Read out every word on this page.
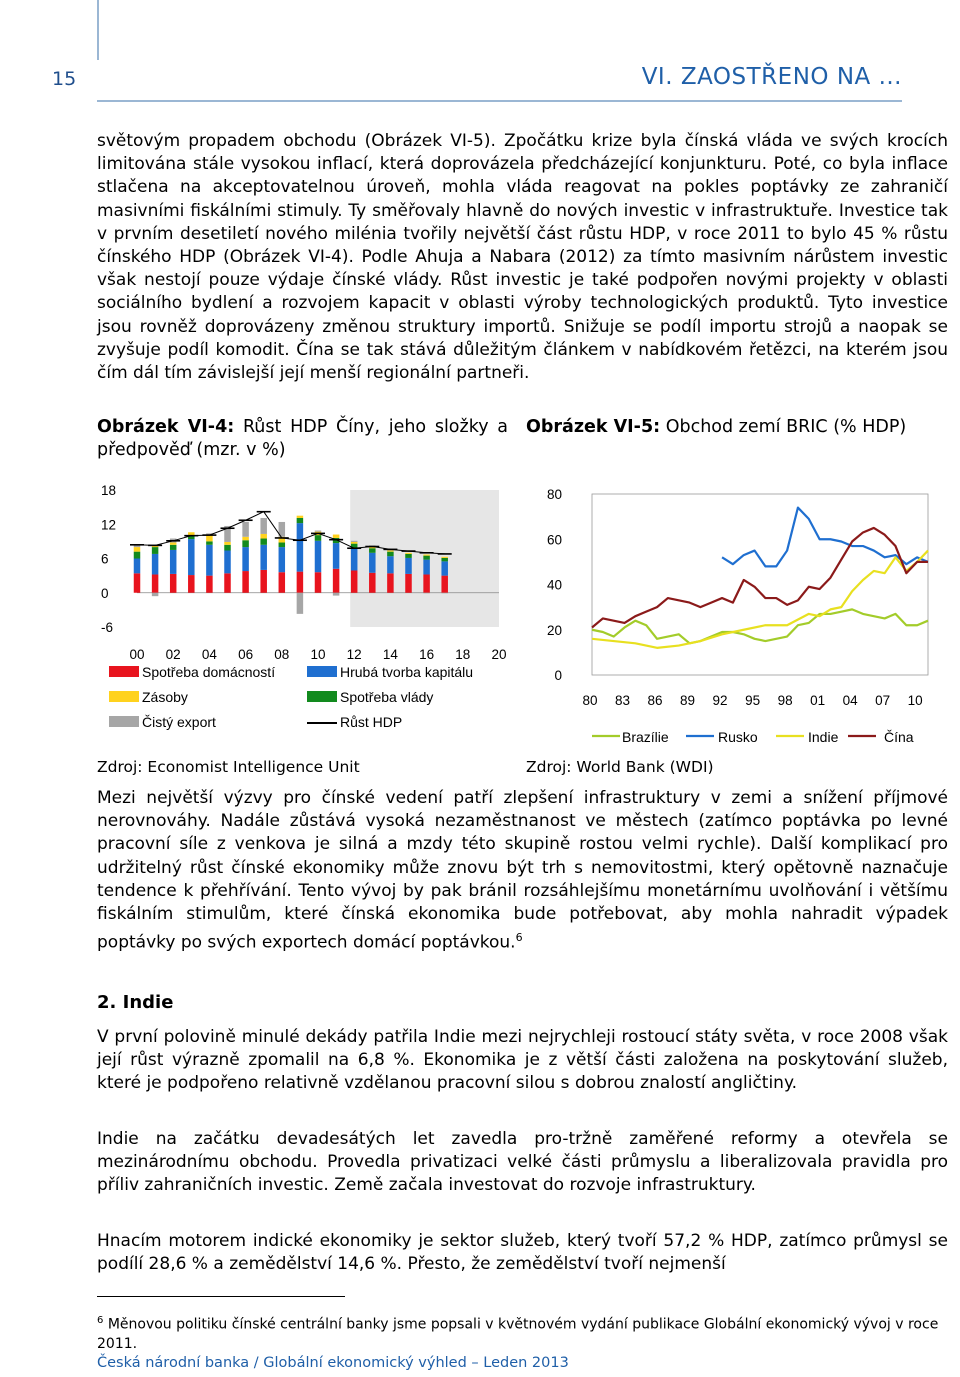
15	VI. ZAOSTŘENO NA ...

světovým propadem obchodu (Obrázek VI-5). Zpočátku krize byla čínská vláda ve svých krocích limitována stále vysokou inflací, která doprovázela předcházející konjunkturu. Poté, co byla inflace stlačena na akceptovatelnou úroveň, mohla vláda reagovat na pokles poptávky ze zahraničí masivními fiskálními stimuly. Ty směřovaly hlavně do nových investic v infrastruktuře. Investice tak v prvním desetiletí nového milénia tvořily největší část růstu HDP, v roce 2011 to bylo 45 % růstu čínského HDP (Obrázek VI-4). Podle Ahuja a Nabara (2012) za tímto masivním nárůstem investic však nestojí pouze výdaje čínské vlády. Růst investic je také podpořen novými projekty v oblasti sociálního bydlení a rozvojem kapacit v oblasti výroby technologických produktů. Tyto investice jsou rovněž doprovázeny změnou struktury importů. Snižuje se podíl importu strojů a naopak se zvyšuje podíl komodit. Čína se tak stává důležitým článkem v nabídkovém řetězci, na kterém jsou čím dál tím závislejší její menší regionální partneři.

Obrázek VI-4: Růst HDP Číny, jeho složky a předpověď (mzr. v %)
Obrázek VI-5: Obchod zemí BRIC (% HDP)
18
12
6
0
-6
00 02 04 06 08 10 12 14 16 18 20
Spotřeba domácností	Hrubá tvorba kapitálu
Zásoby	Spotřeba vlády
Čistý export	Růst HDP
80
60
40
20
0
80 83 86 89 92 95 98 01 04 07 10
Brazílie	Rusko	Indie	Čína
Zdroj: Economist Intelligence Unit	Zdroj: World Bank (WDI)

Mezi největší výzvy pro čínské vedení patří zlepšení infrastruktury v zemi a snížení příjmové nerovnováhy. Nadále zůstává vysoká nezaměstnanost ve městech (zatímco poptávka po levné pracovní síle z venkova je silná a mzdy této skupině rostou velmi rychle). Další komplikací pro udržitelný růst čínské ekonomiky může znovu být trh s nemovitostmi, který opětovně naznačuje tendence k přehřívání. Tento vývoj by pak bránil rozsáhlejšímu monetárnímu uvolňování i většímu fiskálním stimulům, které čínská ekonomika bude potřebovat, aby mohla nahradit výpadek poptávky po svých exportech domácí poptávkou.$^6$

2. Indie

V první polovině minulé dekády patřila Indie mezi nejrychleji rostoucí státy světa, v roce 2008 však její růst výrazně zpomalil na 6,8 %. Ekonomika je z větší části založena na poskytování služeb, které je podpořeno relativně vzdělanou pracovní silou s dobrou znalostí angličtiny.

Indie na začátku devadesátých let zavedla pro-tržně zaměřené reformy a otevřela se mezinárodnímu obchodu. Provedla privatizaci velké části průmyslu a liberalizovala pravidla pro příliv zahraničních investic. Země začala investovat do rozvoje infrastruktury.

Hnacím motorem indické ekonomiky je sektor služeb, který tvoří 57,2 % HDP, zatímco průmysl se podílí 28,6 % a zemědělství 14,6 %. Přesto, že zemědělství tvoří nejmenší

$^6$ Měnovou politiku čínské centrální banky jsme popsali v květnovém vydání publikace Globální ekonomický vývoj v roce 2011.
Česká národní banka / Globální ekonomický výhled – Leden 2013
